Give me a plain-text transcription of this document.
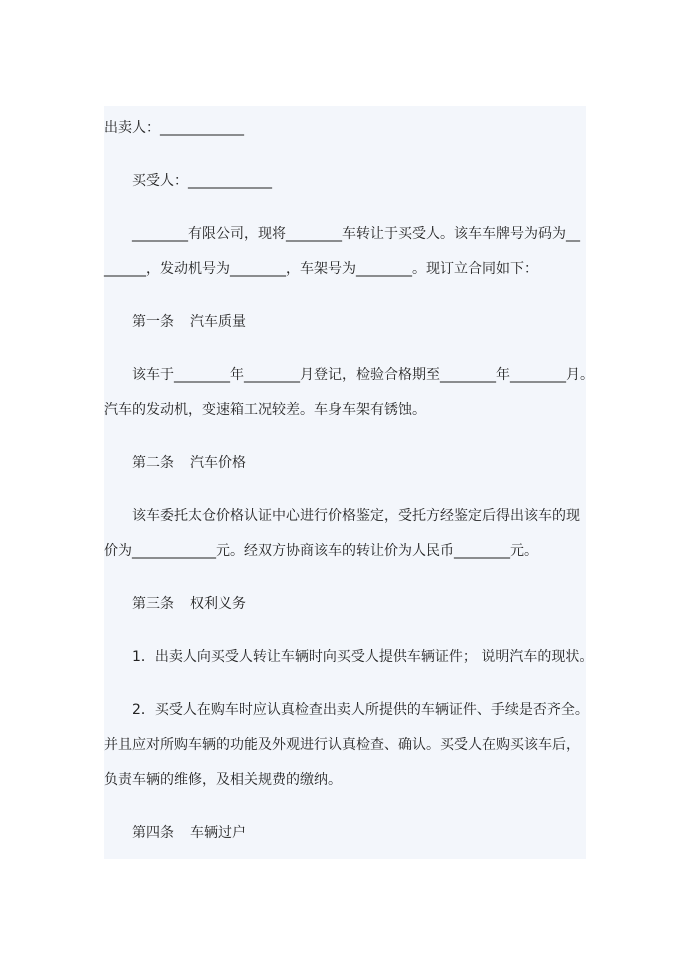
出卖人：____________
买受人：____________
________有限公司，现将________车转让于买受人。该车车牌号为码为__
______，发动机号为________，车架号为________。现订立合同如下：
第一条 汽车质量
该车于________年________月登记，检验合格期至________年________月。
汽车的发动机，变速箱工况较差。车身车架有锈蚀。
第二条 汽车价格
该车委托太仓价格认证中心进行价格鉴定，受托方经鉴定后得出该车的现
价为____________元。经双方协商该车的转让价为人民币________元。
第三条 权利义务
1．出卖人向买受人转让车辆时向买受人提供车辆证件； 说明汽车的现状。
2．买受人在购车时应认真检查出卖人所提供的车辆证件、手续是否齐全。
并且应对所购车辆的功能及外观进行认真检查、确认。买受人在购买该车后，
负责车辆的维修，及相关规费的缴纳。
第四条 车辆过户
